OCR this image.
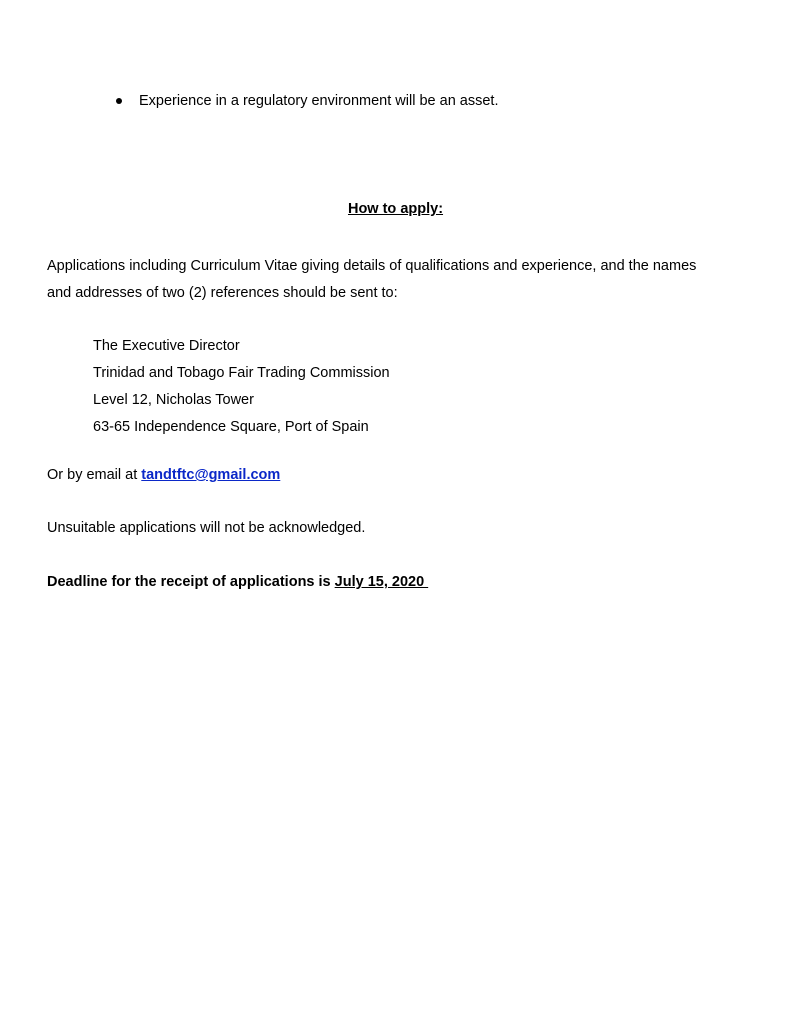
Experience in a regulatory environment will be an asset.
How to apply:
Applications including Curriculum Vitae giving details of qualifications and experience, and the names
and addresses of two (2) references should be sent to:
The Executive Director
Trinidad and Tobago Fair Trading Commission
Level 12, Nicholas Tower
63-65 Independence Square, Port of Spain
Or by email at tandtftc@gmail.com
Unsuitable applications will not be acknowledged.
Deadline for the receipt of applications is July 15, 2020
